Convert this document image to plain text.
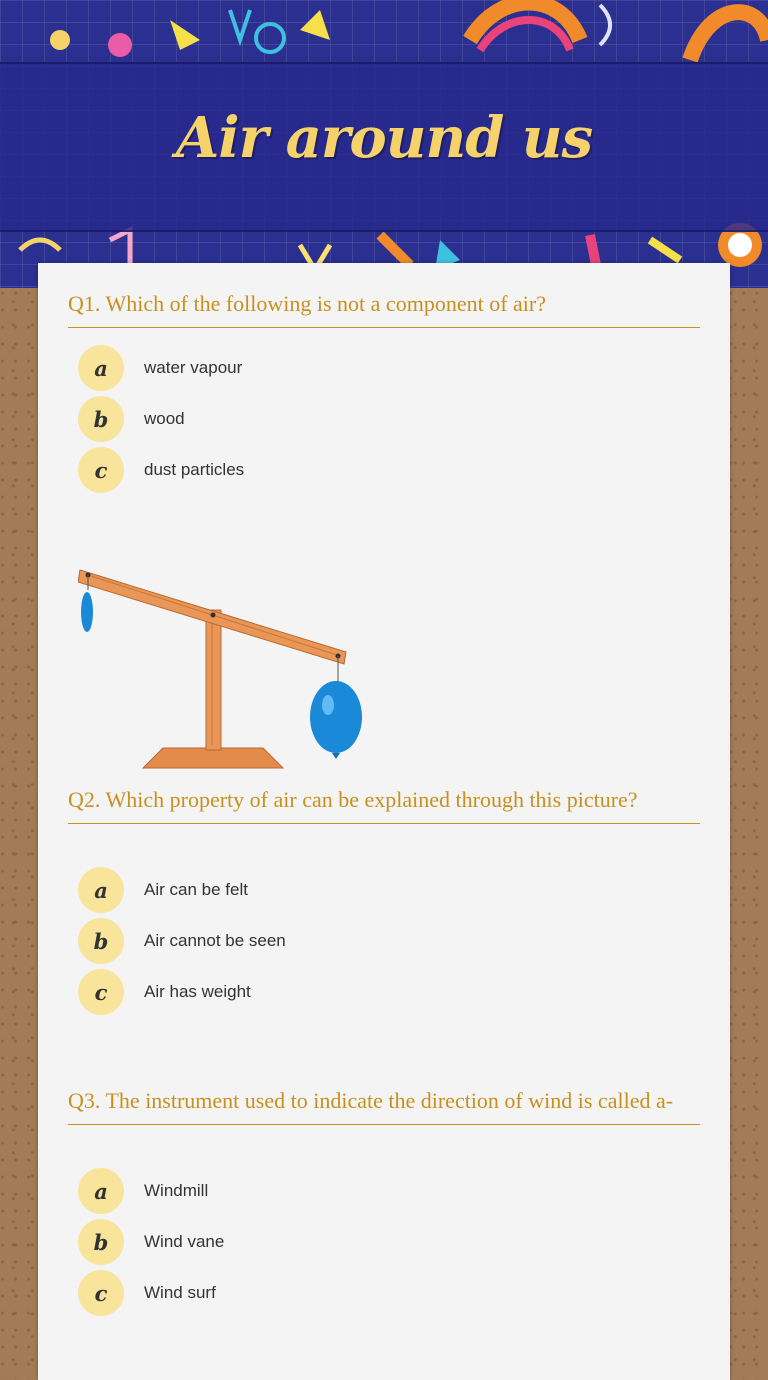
Air around us
Q1. Which of the following is not a component of air?
a	water vapour
b	wood
c	dust particles
Q2. Which property of air can be explained through this picture?
a	Air can be felt
b	Air cannot be seen
c	Air has weight
Q3. The instrument used to indicate the direction of wind is called a-
a	Windmill
b	Wind vane
c	Wind surf
